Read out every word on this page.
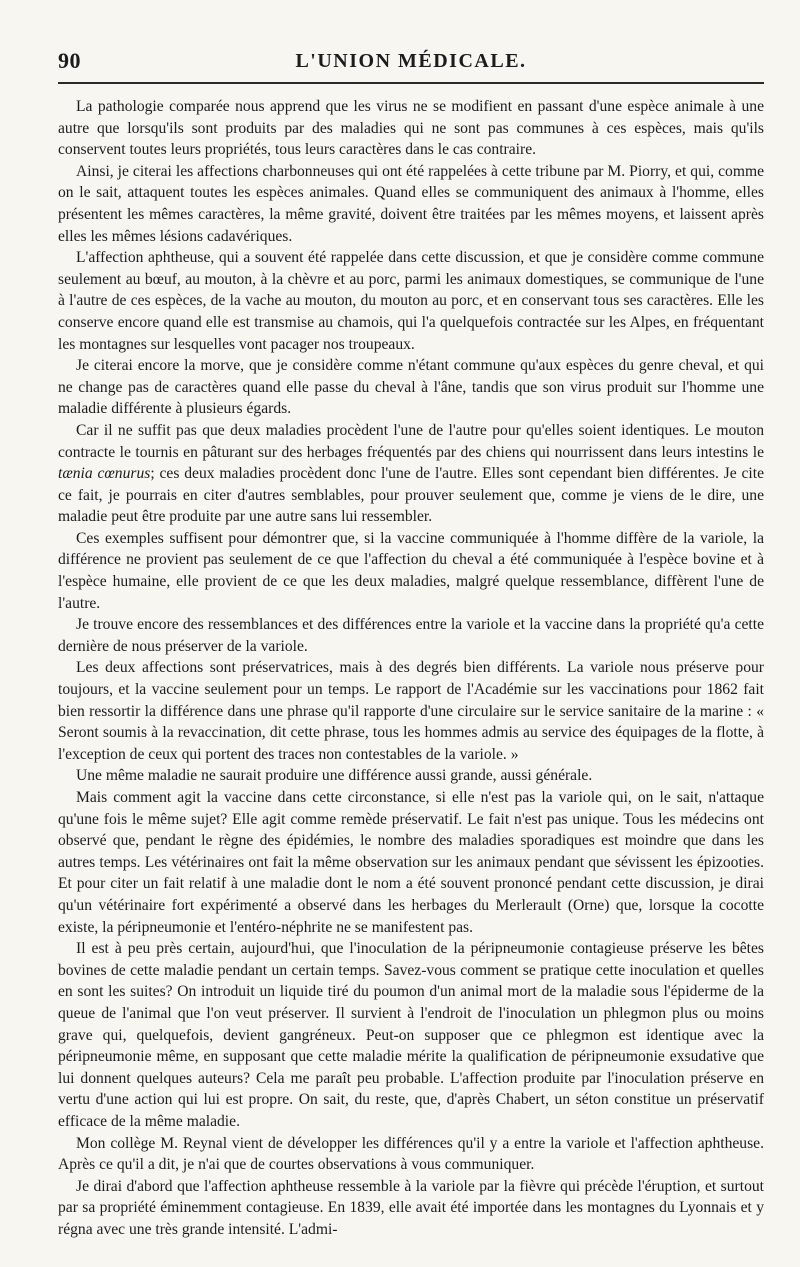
90	L'UNION MÉDICALE.

La pathologie comparée nous apprend que les virus ne se modifient en passant d'une espèce animale à une autre que lorsqu'ils sont produits par des maladies qui ne sont pas communes à ces espèces, mais qu'ils conservent toutes leurs propriétés, tous leurs caractères dans le cas contraire.

Ainsi, je citerai les affections charbonneuses qui ont été rappelées à cette tribune par M. Piorry, et qui, comme on le sait, attaquent toutes les espèces animales. Quand elles se communiquent des animaux à l'homme, elles présentent les mêmes caractères, la même gravité, doivent être traitées par les mêmes moyens, et laissent après elles les mêmes lésions cadavériques.

L'affection aphtheuse, qui a souvent été rappelée dans cette discussion, et que je considère comme commune seulement au bœuf, au mouton, à la chèvre et au porc, parmi les animaux domestiques, se communique de l'une à l'autre de ces espèces, de la vache au mouton, du mouton au porc, et en conservant tous ses caractères. Elle les conserve encore quand elle est transmise au chamois, qui l'a quelquefois contractée sur les Alpes, en fréquentant les montagnes sur lesquelles vont pacager nos troupeaux.

Je citerai encore la morve, que je considère comme n'étant commune qu'aux espèces du genre cheval, et qui ne change pas de caractères quand elle passe du cheval à l'âne, tandis que son virus produit sur l'homme une maladie différente à plusieurs égards.

Car il ne suffit pas que deux maladies procèdent l'une de l'autre pour qu'elles soient identiques. Le mouton contracte le tournis en pâturant sur des herbages fréquentés par des chiens qui nourrissent dans leurs intestins le tænia cœnurus; ces deux maladies procèdent donc l'une de l'autre. Elles sont cependant bien différentes. Je cite ce fait, je pourrais en citer d'autres semblables, pour prouver seulement que, comme je viens de le dire, une maladie peut être produite par une autre sans lui ressembler.

Ces exemples suffisent pour démontrer que, si la vaccine communiquée à l'homme diffère de la variole, la différence ne provient pas seulement de ce que l'affection du cheval a été communiquée à l'espèce bovine et à l'espèce humaine, elle provient de ce que les deux maladies, malgré quelque ressemblance, diffèrent l'une de l'autre.

Je trouve encore des ressemblances et des différences entre la variole et la vaccine dans la propriété qu'a cette dernière de nous préserver de la variole.

Les deux affections sont préservatrices, mais à des degrés bien différents. La variole nous préserve pour toujours, et la vaccine seulement pour un temps. Le rapport de l'Académie sur les vaccinations pour 1862 fait bien ressortir la différence dans une phrase qu'il rapporte d'une circulaire sur le service sanitaire de la marine : « Seront soumis à la revaccination, dit cette phrase, tous les hommes admis au service des équipages de la flotte, à l'exception de ceux qui portent des traces non contestables de la variole. »

Une même maladie ne saurait produire une différence aussi grande, aussi générale.

Mais comment agit la vaccine dans cette circonstance, si elle n'est pas la variole qui, on le sait, n'attaque qu'une fois le même sujet? Elle agit comme remède préservatif. Le fait n'est pas unique. Tous les médecins ont observé que, pendant le règne des épidémies, le nombre des maladies sporadiques est moindre que dans les autres temps. Les vétérinaires ont fait la même observation sur les animaux pendant que sévissent les épizooties. Et pour citer un fait relatif à une maladie dont le nom a été souvent prononcé pendant cette discussion, je dirai qu'un vétérinaire fort expérimenté a observé dans les herbages du Merlerault (Orne) que, lorsque la cocotte existe, la péripneumonie et l'entéro-néphrite ne se manifestent pas.

Il est à peu près certain, aujourd'hui, que l'inoculation de la péripneumonie contagieuse préserve les bêtes bovines de cette maladie pendant un certain temps. Savez-vous comment se pratique cette inoculation et quelles en sont les suites? On introduit un liquide tiré du poumon d'un animal mort de la maladie sous l'épiderme de la queue de l'animal que l'on veut préserver. Il survient à l'endroit de l'inoculation un phlegmon plus ou moins grave qui, quelquefois, devient gangréneux. Peut-on supposer que ce phlegmon est identique avec la péripneumonie même, en supposant que cette maladie mérite la qualification de péripneumonie exsudative que lui donnent quelques auteurs? Cela me paraît peu probable. L'affection produite par l'inoculation préserve en vertu d'une action qui lui est propre. On sait, du reste, que, d'après Chabert, un séton constitue un préservatif efficace de la même maladie.

Mon collège M. Reynal vient de développer les différences qu'il y a entre la variole et l'affection aphtheuse. Après ce qu'il a dit, je n'ai que de courtes observations à vous communiquer.

Je dirai d'abord que l'affection aphtheuse ressemble à la variole par la fièvre qui précède l'éruption, et surtout par sa propriété éminemment contagieuse. En 1839, elle avait été importée dans les montagnes du Lyonnais et y régna avec une très grande intensité. L'admi-
